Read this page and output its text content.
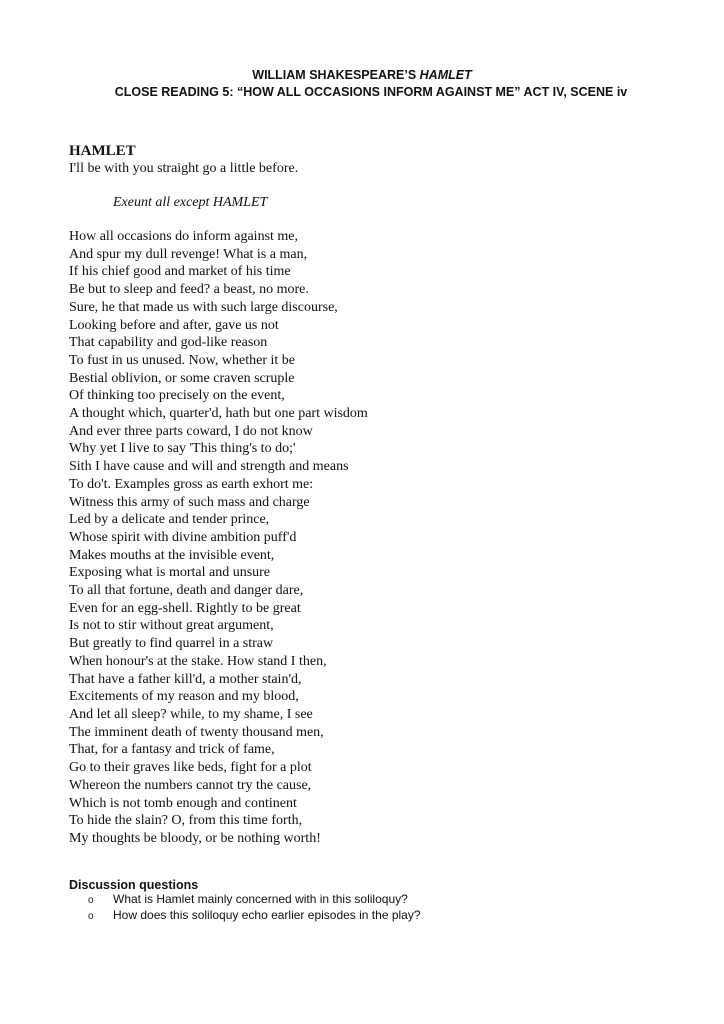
WILLIAM SHAKESPEARE’S HAMLET
CLOSE READING 5: “HOW ALL OCCASIONS INFORM AGAINST ME” ACT IV, SCENE iv
HAMLET
I'll be with you straight go a little before.
Exeunt all except HAMLET
How all occasions do inform against me,
And spur my dull revenge! What is a man,
If his chief good and market of his time
Be but to sleep and feed? a beast, no more.
Sure, he that made us with such large discourse,
Looking before and after, gave us not
That capability and god-like reason
To fust in us unused. Now, whether it be
Bestial oblivion, or some craven scruple
Of thinking too precisely on the event,
A thought which, quarter'd, hath but one part wisdom
And ever three parts coward, I do not know
Why yet I live to say 'This thing's to do;'
Sith I have cause and will and strength and means
To do't. Examples gross as earth exhort me:
Witness this army of such mass and charge
Led by a delicate and tender prince,
Whose spirit with divine ambition puff'd
Makes mouths at the invisible event,
Exposing what is mortal and unsure
To all that fortune, death and danger dare,
Even for an egg-shell. Rightly to be great
Is not to stir without great argument,
But greatly to find quarrel in a straw
When honour's at the stake. How stand I then,
That have a father kill'd, a mother stain'd,
Excitements of my reason and my blood,
And let all sleep? while, to my shame, I see
The imminent death of twenty thousand men,
That, for a fantasy and trick of fame,
Go to their graves like beds, fight for a plot
Whereon the numbers cannot try the cause,
Which is not tomb enough and continent
To hide the slain? O, from this time forth,
My thoughts be bloody, or be nothing worth!
Discussion questions
o	What is Hamlet mainly concerned with in this soliloquy?
o	How does this soliloquy echo earlier episodes in the play?
